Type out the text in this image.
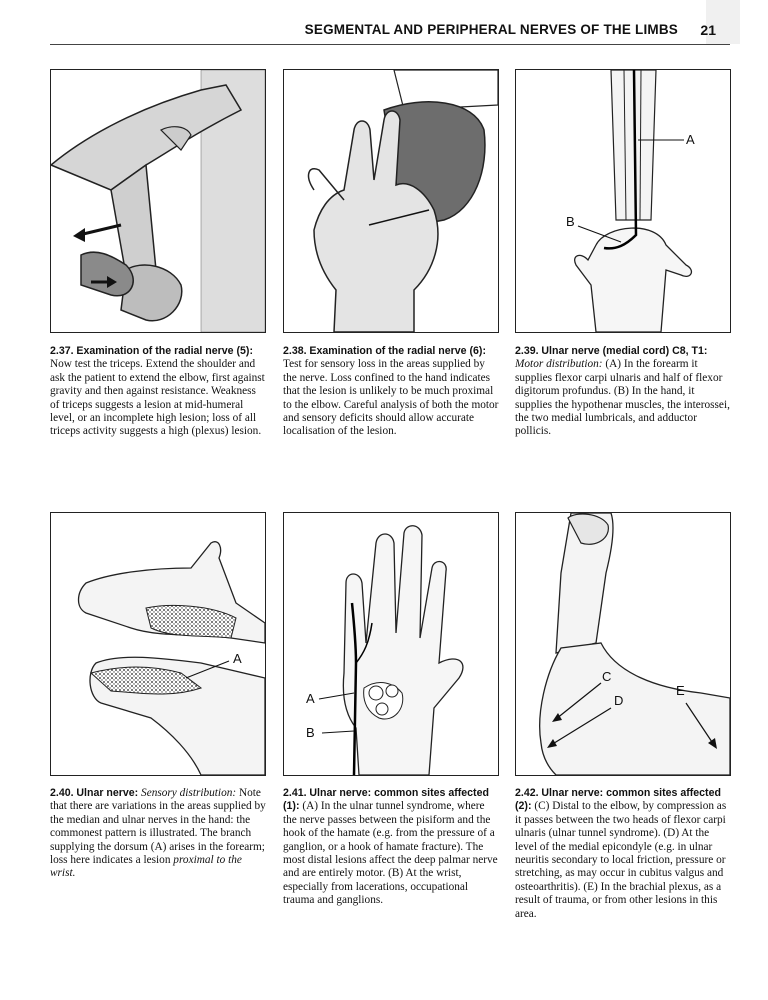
SEGMENTAL AND PERIPHERAL NERVES OF THE LIMBS 21
2.37. Examination of the radial nerve (5): Now test the triceps. Extend the shoulder and ask the patient to extend the elbow, first against gravity and then against resistance. Weakness of triceps suggests a lesion at mid-humeral level, or an incomplete high lesion; loss of all triceps activity suggests a high (plexus) lesion.
2.38. Examination of the radial nerve (6): Test for sensory loss in the areas supplied by the nerve. Loss confined to the hand indicates that the lesion is unlikely to be much proximal to the elbow. Careful analysis of both the motor and sensory deficits should allow accurate localisation of the lesion.
A
B
2.39. Ulnar nerve (medial cord) C8, T1: Motor distribution: (A) In the forearm it supplies flexor carpi ulnaris and half of flexor digitorum profundus. (B) In the hand, it supplies the hypothenar muscles, the interossei, the two medial lumbricals, and adductor pollicis.
A
2.40. Ulnar nerve: Sensory distribution: Note that there are variations in the areas supplied by the median and ulnar nerves in the hand: the commonest pattern is illustrated. The branch supplying the dorsum (A) arises in the forearm; loss here indicates a lesion proximal to the wrist.
A
B
2.41. Ulnar nerve: common sites affected (1): (A) In the ulnar tunnel syndrome, where the nerve passes between the pisiform and the hook of the hamate (e.g. from the pressure of a ganglion, or a hook of hamate fracture). The most distal lesions affect the deep palmar nerve and are entirely motor. (B) At the wrist, especially from lacerations, occupational trauma and ganglions.
C
D
E
2.42. Ulnar nerve: common sites affected (2): (C) Distal to the elbow, by compression as it passes between the two heads of flexor carpi ulnaris (ulnar tunnel syndrome). (D) At the level of the medial epicondyle (e.g. in ulnar neuritis secondary to local friction, pressure or stretching, as may occur in cubitus valgus and osteoarthritis). (E) In the brachial plexus, as a result of trauma, or from other lesions in this area.
